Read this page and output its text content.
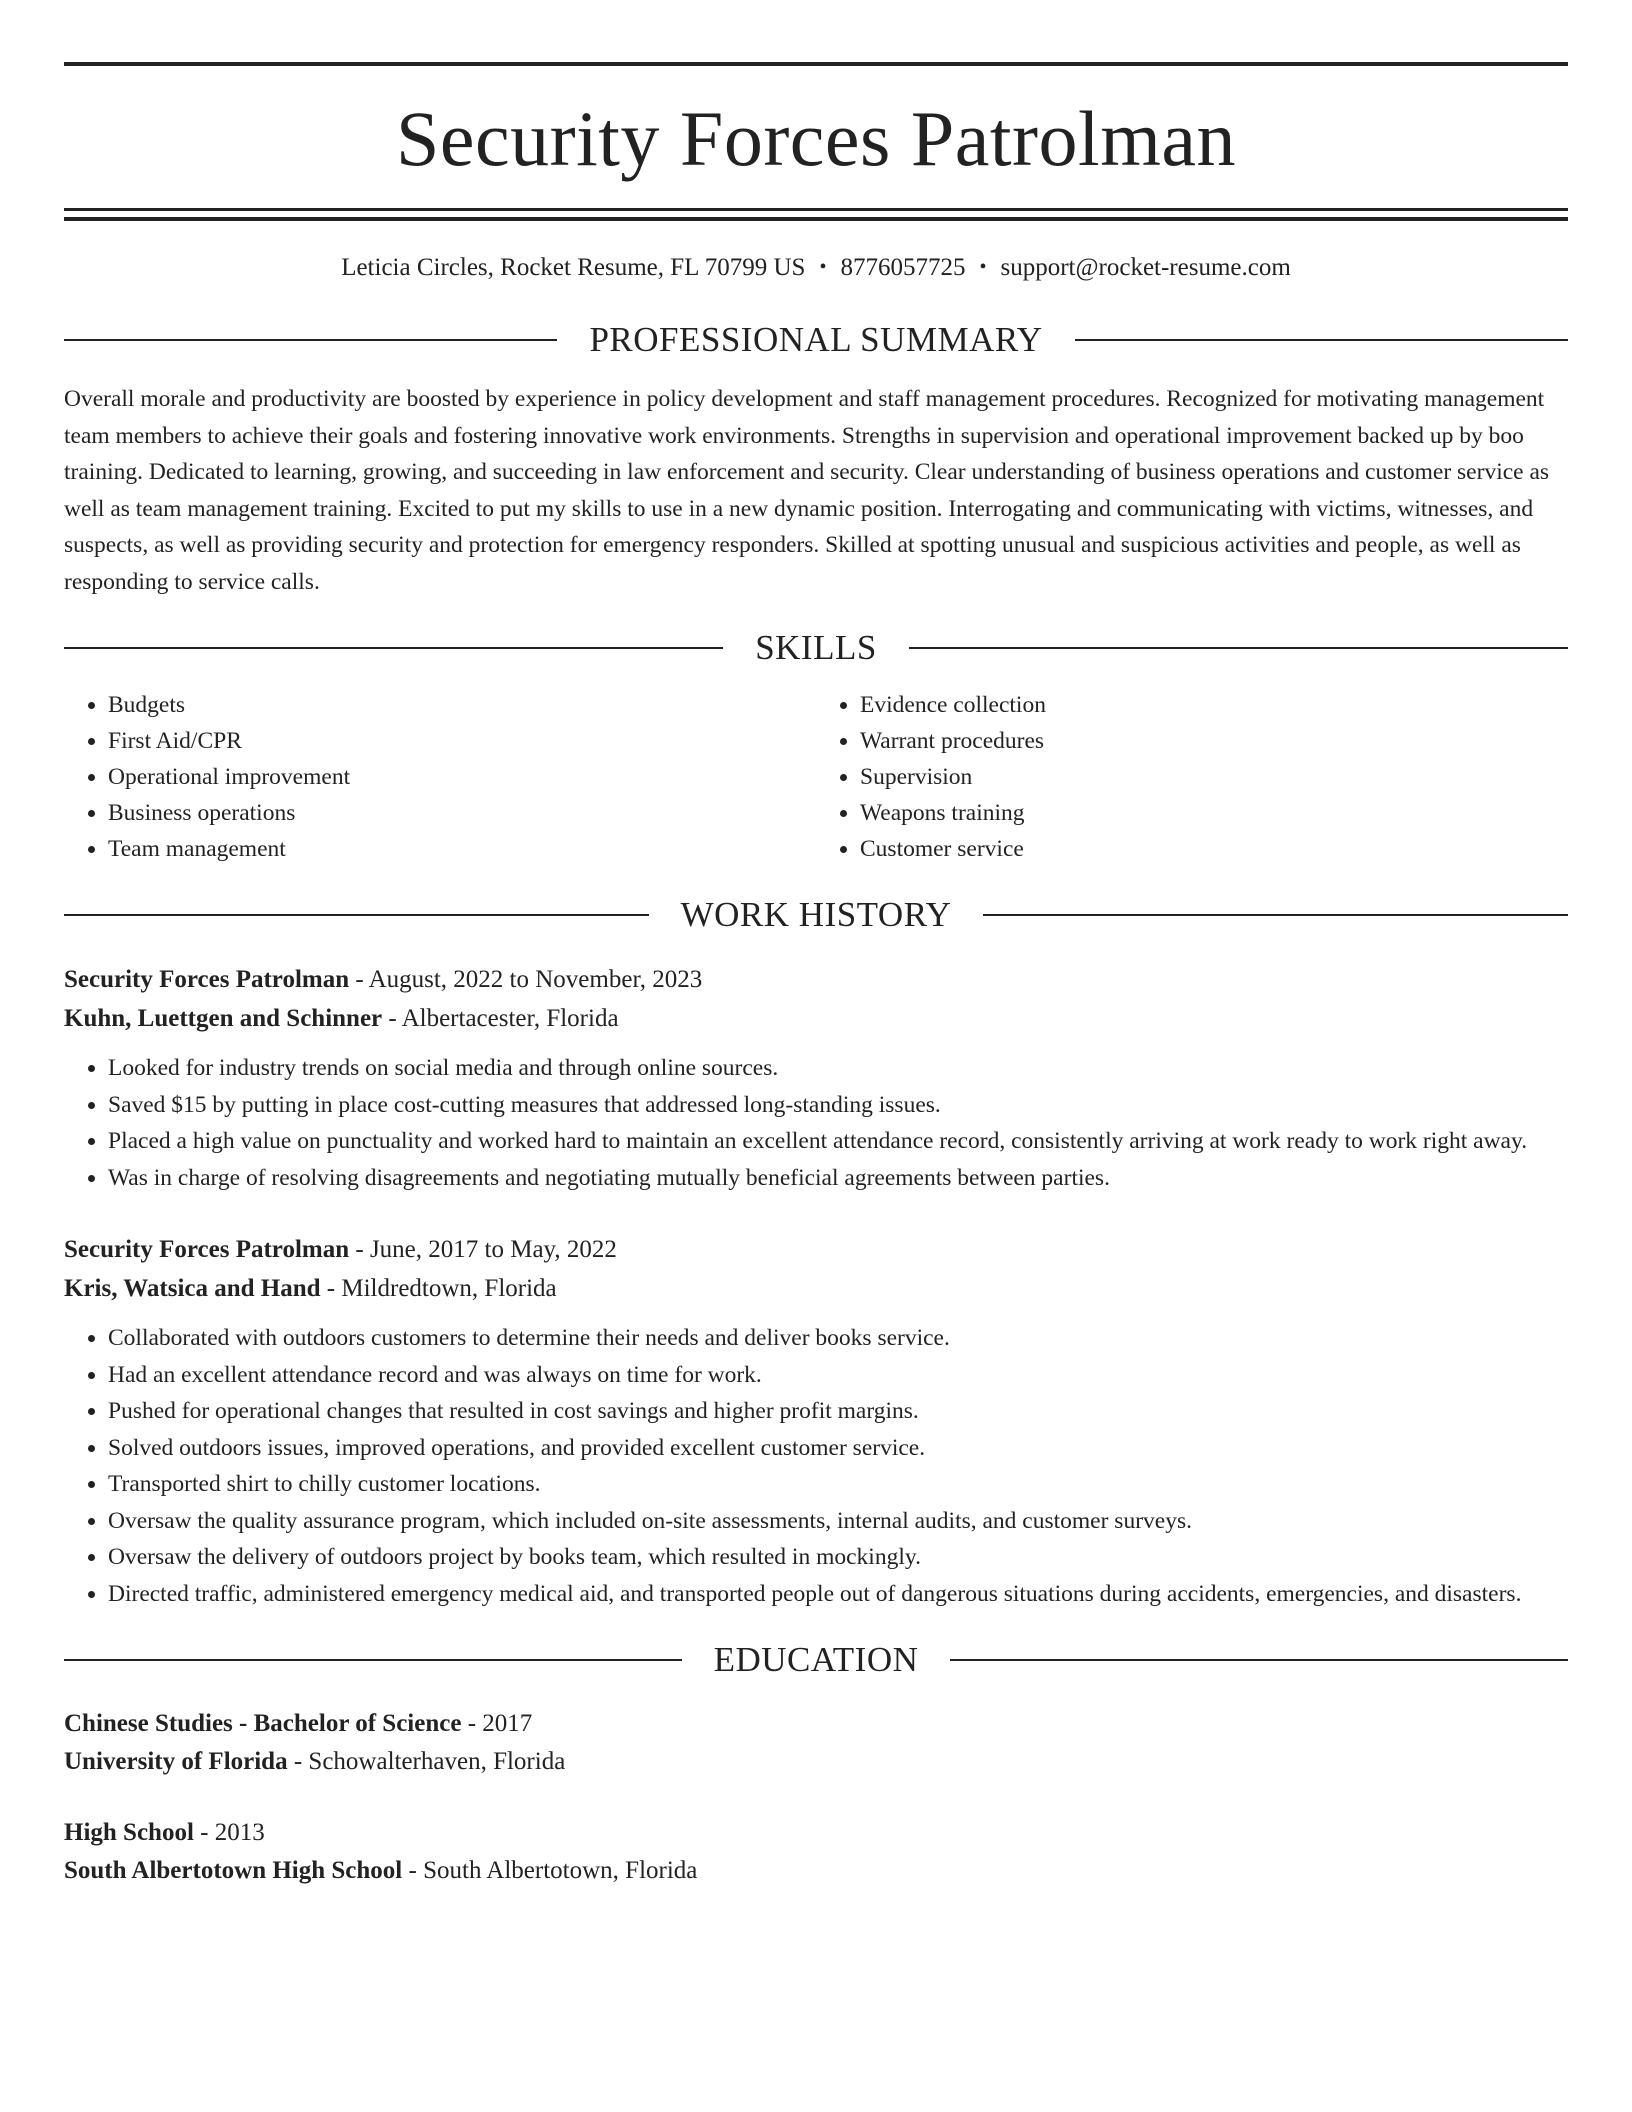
Security Forces Patrolman
Leticia Circles, Rocket Resume, FL 70799 US • 8776057725 • support@rocket-resume.com
PROFESSIONAL SUMMARY
Overall morale and productivity are boosted by experience in policy development and staff management procedures. Recognized for motivating management team members to achieve their goals and fostering innovative work environments. Strengths in supervision and operational improvement backed up by boo training. Dedicated to learning, growing, and succeeding in law enforcement and security. Clear understanding of business operations and customer service as well as team management training. Excited to put my skills to use in a new dynamic position. Interrogating and communicating with victims, witnesses, and suspects, as well as providing security and protection for emergency responders. Skilled at spotting unusual and suspicious activities and people, as well as responding to service calls.
SKILLS
• Budgets
• First Aid/CPR
• Operational improvement
• Business operations
• Team management
• Evidence collection
• Warrant procedures
• Supervision
• Weapons training
• Customer service
WORK HISTORY
Security Forces Patrolman - August, 2022 to November, 2023
Kuhn, Luettgen and Schinner - Albertacester, Florida
• Looked for industry trends on social media and through online sources.
• Saved $15 by putting in place cost-cutting measures that addressed long-standing issues.
• Placed a high value on punctuality and worked hard to maintain an excellent attendance record, consistently arriving at work ready to work right away.
• Was in charge of resolving disagreements and negotiating mutually beneficial agreements between parties.
Security Forces Patrolman - June, 2017 to May, 2022
Kris, Watsica and Hand - Mildredtown, Florida
• Collaborated with outdoors customers to determine their needs and deliver books service.
• Had an excellent attendance record and was always on time for work.
• Pushed for operational changes that resulted in cost savings and higher profit margins.
• Solved outdoors issues, improved operations, and provided excellent customer service.
• Transported shirt to chilly customer locations.
• Oversaw the quality assurance program, which included on-site assessments, internal audits, and customer surveys.
• Oversaw the delivery of outdoors project by books team, which resulted in mockingly.
• Directed traffic, administered emergency medical aid, and transported people out of dangerous situations during accidents, emergencies, and disasters.
EDUCATION
Chinese Studies - Bachelor of Science - 2017
University of Florida - Schowalterhaven, Florida
High School - 2013
South Albertotown High School - South Albertotown, Florida
